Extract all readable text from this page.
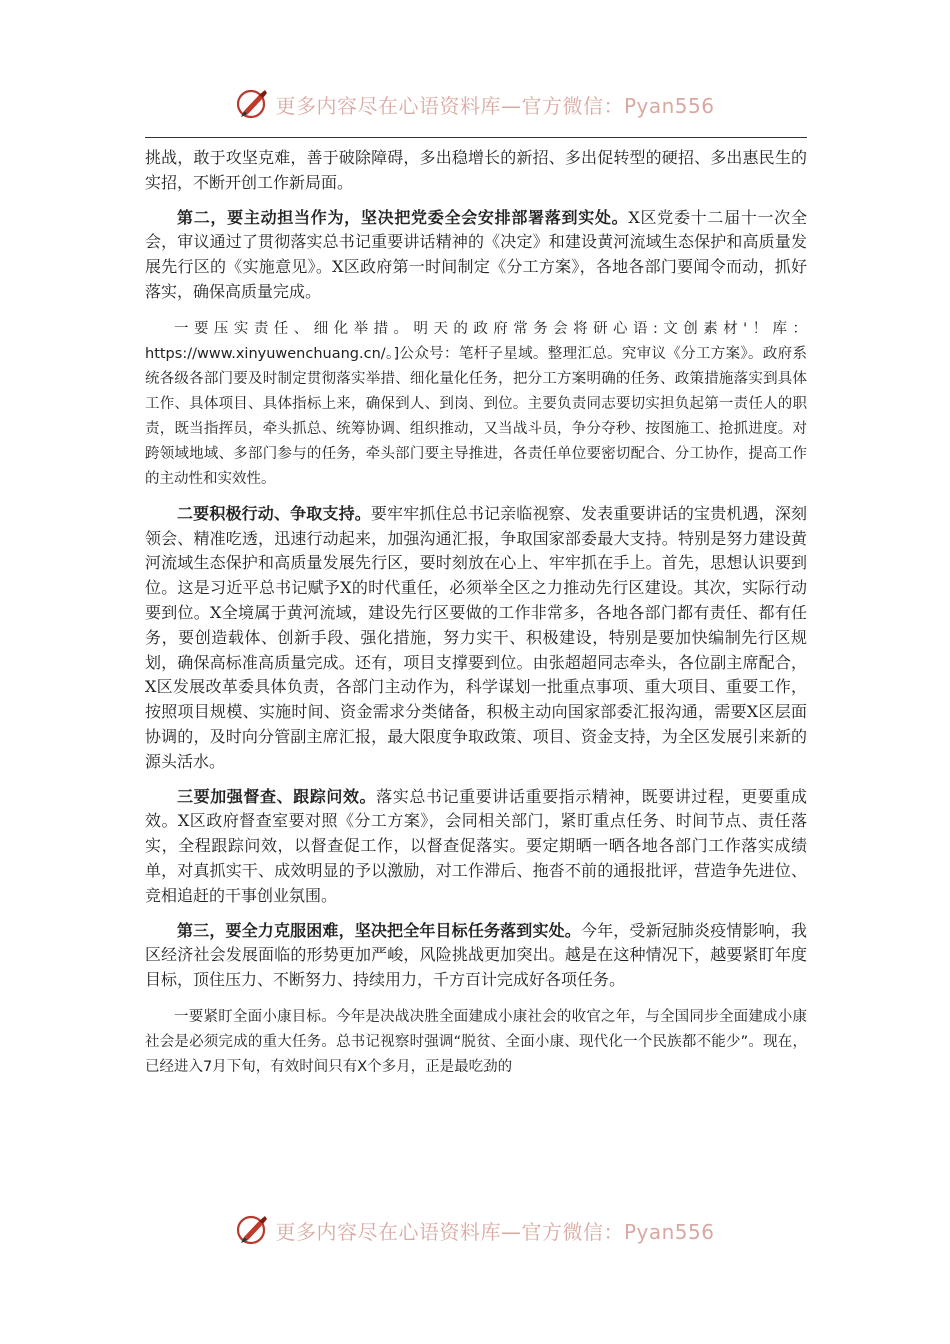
更多内容尽在心语资料库—官方微信：Pyan556

挑战，敢于攻坚克难，善于破除障碍，多出稳增长的新招、多出促转型的硬招、多出惠民生的实招，不断开创工作新局面。

第二，要主动担当作为，坚决把党委全会安排部署落到实处。X区党委十二届十一次全会，审议通过了贯彻落实总书记重要讲话精神的《决定》和建设黄河流域生态保护和高质量发展先行区的《实施意见》。X区政府第一时间制定《分工方案》，各地各部门要闻令而动，抓好落实，确保高质量完成。

一要压实责任、细化举措。明天的政府常务会将研心语:文创素材'！库：https://www.xinyuwenchuang.cn/。]公众号：笔杆子星域。整理汇总。究审议《分工方案》。政府系统各级各部门要及时制定贯彻落实举措、细化量化任务，把分工方案明确的任务、政策措施落实到具体工作、具体项目、具体指标上来，确保到人、到岗、到位。主要负责同志要切实担负起第一责任人的职责，既当指挥员，牵头抓总、统筹协调、组织推动，又当战斗员，争分夺秒、按图施工、抢抓进度。对跨领域地域、多部门参与的任务，牵头部门要主导推进，各责任单位要密切配合、分工协作，提高工作的主动性和实效性。

二要积极行动、争取支持。要牢牢抓住总书记亲临视察、发表重要讲话的宝贵机遇，深刻领会、精准吃透，迅速行动起来，加强沟通汇报，争取国家部委最大支持。特别是努力建设黄河流域生态保护和高质量发展先行区，要时刻放在心上、牢牢抓在手上。首先，思想认识要到位。这是习近平总书记赋予X的时代重任，必须举全区之力推动先行区建设。其次，实际行动要到位。X全境属于黄河流域，建设先行区要做的工作非常多，各地各部门都有责任、都有任务，要创造载体、创新手段、强化措施，努力实干、积极建设，特别是要加快编制先行区规划，确保高标准高质量完成。还有，项目支撑要到位。由张超超同志牵头，各位副主席配合，X区发展改革委具体负责，各部门主动作为，科学谋划一批重点事项、重大项目、重要工作，按照项目规模、实施时间、资金需求分类储备，积极主动向国家部委汇报沟通，需要X区层面协调的，及时向分管副主席汇报，最大限度争取政策、项目、资金支持，为全区发展引来新的源头活水。

三要加强督查、跟踪问效。落实总书记重要讲话重要指示精神，既要讲过程，更要重成效。X区政府督查室要对照《分工方案》，会同相关部门，紧盯重点任务、时间节点、责任落实，全程跟踪问效，以督查促工作，以督查促落实。要定期晒一晒各地各部门工作落实成绩单，对真抓实干、成效明显的予以激励，对工作滞后、拖沓不前的通报批评，营造争先进位、竞相追赶的干事创业氛围。

第三，要全力克服困难，坚决把全年目标任务落到实处。今年，受新冠肺炎疫情影响，我区经济社会发展面临的形势更加严峻，风险挑战更加突出。越是在这种情况下，越要紧盯年度目标，顶住压力、不断努力、持续用力，千方百计完成好各项任务。

一要紧盯全面小康目标。今年是决战决胜全面建成小康社会的收官之年，与全国同步全面建成小康社会是必须完成的重大任务。总书记视察时强调“脱贫、全面小康、现代化一个民族都不能少”。现在，已经进入7月下旬，有效时间只有X个多月，正是最吃劲的

更多内容尽在心语资料库—官方微信：Pyan556
